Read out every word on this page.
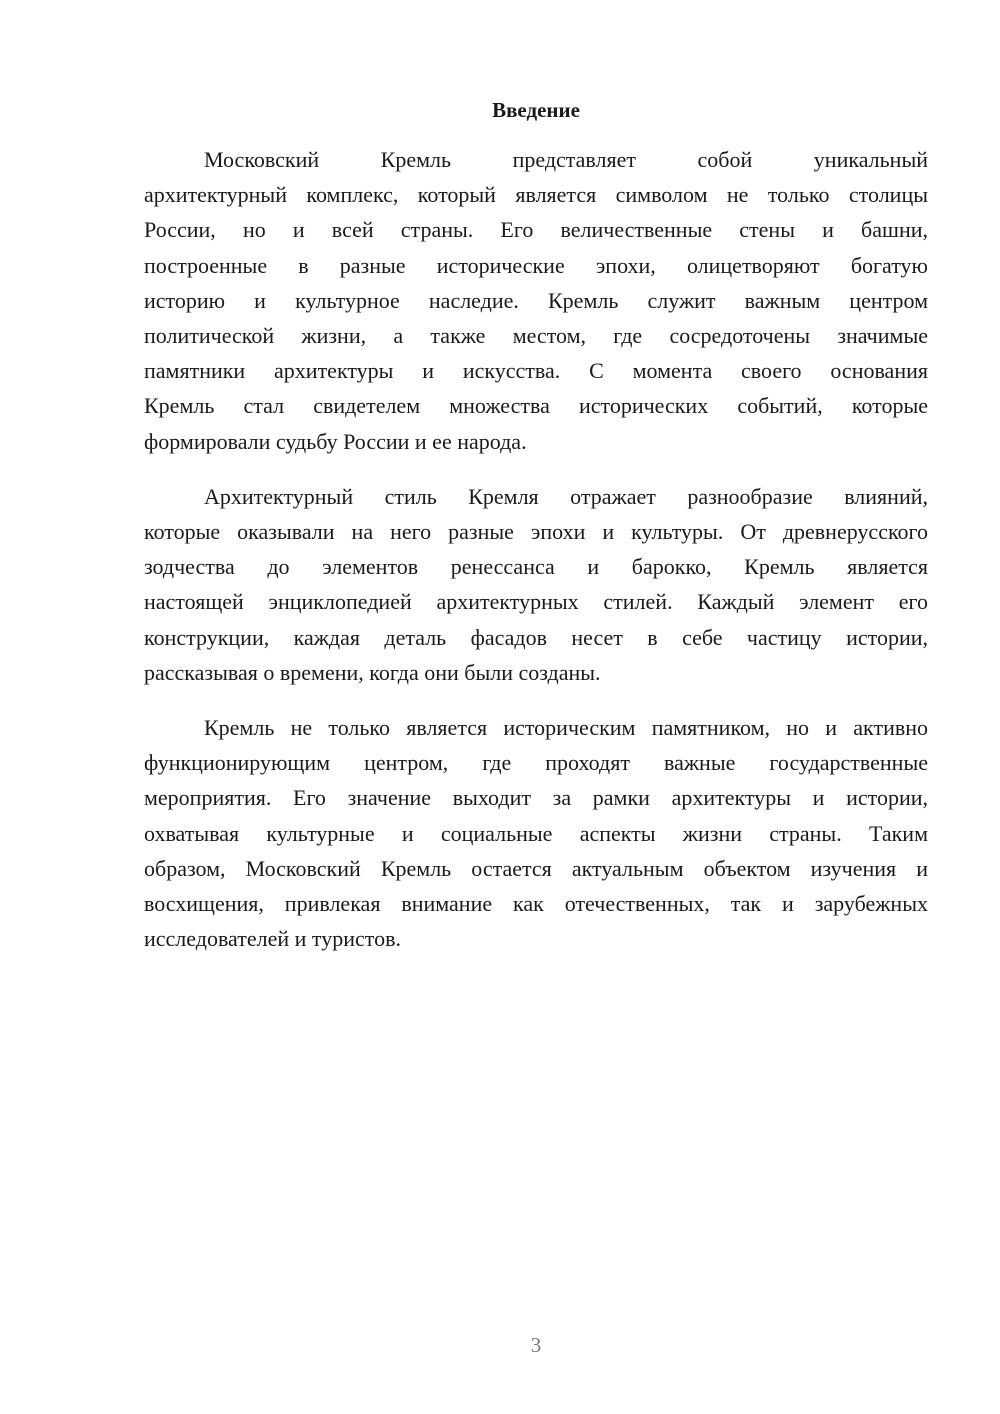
Введение
Московский Кремль представляет собой уникальный
архитектурный комплекс, который является символом не только столицы
России, но и всей страны. Его величественные стены и башни,
построенные в разные исторические эпохи, олицетворяют богатую
историю и культурное наследие. Кремль служит важным центром
политической жизни, а также местом, где сосредоточены значимые
памятники архитектуры и искусства. С момента своего основания
Кремль стал свидетелем множества исторических событий, которые
формировали судьбу России и ее народа.
Архитектурный стиль Кремля отражает разнообразие влияний,
которые оказывали на него разные эпохи и культуры. От древнерусского
зодчества до элементов ренессанса и барокко, Кремль является
настоящей энциклопедией архитектурных стилей. Каждый элемент его
конструкции, каждая деталь фасадов несет в себе частицу истории,
рассказывая о времени, когда они были созданы.
Кремль не только является историческим памятником, но и активно
функционирующим центром, где проходят важные государственные
мероприятия. Его значение выходит за рамки архитектуры и истории,
охватывая культурные и социальные аспекты жизни страны. Таким
образом, Московский Кремль остается актуальным объектом изучения и
восхищения, привлекая внимание как отечественных, так и зарубежных
исследователей и туристов.
3
